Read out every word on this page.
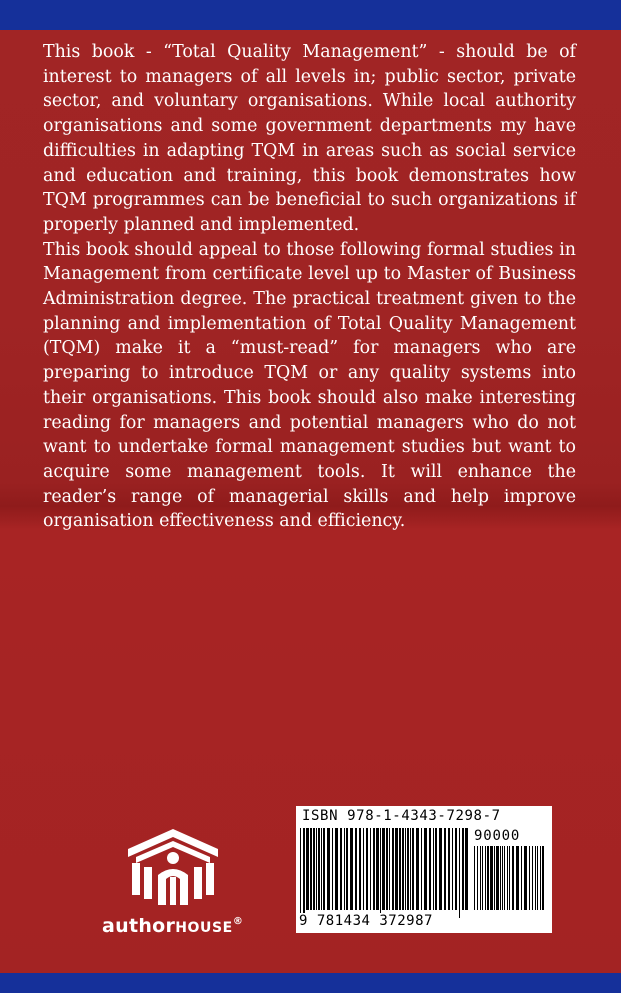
This book - “Total Quality Management” - should be of interest to managers of all levels in; public sector, private sector, and voluntary organisations. While local authority organisations and some government departments my have difficulties in adapting TQM in areas such as social service and education and training, this book demonstrates how TQM programmes can be beneficial to such organizations if properly planned and implemented.

This book should appeal to those following formal studies in Management from certificate level up to Master of Business Administration degree. The practical treatment given to the planning and implementation of Total Quality Management (TQM) make it a “must-read” for managers who are preparing to introduce TQM or any quality systems into their organisations. This book should also make interesting reading for managers and potential managers who do not want to undertake formal management studies but want to acquire some management tools. It will enhance the reader’s range of managerial skills and help improve organisation effectiveness and efficiency.

authorHOUSE®
ISBN 978-1-4343-7298-7
90000
9 781434 372987
